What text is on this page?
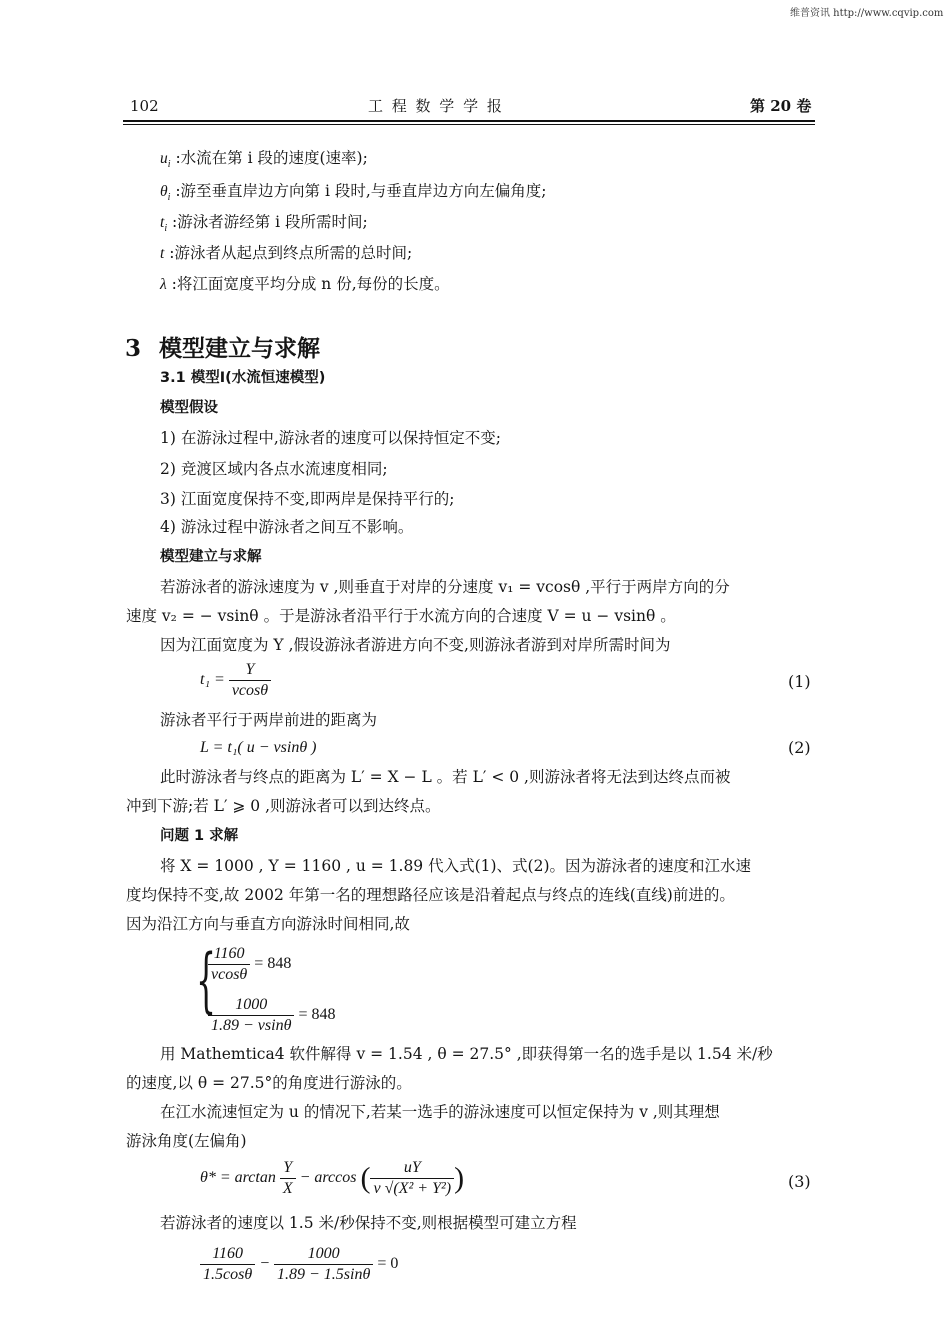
维普资讯 http://www.cqvip.com
102	工 程 数 学 学 报	第 20 卷
$u_i$ :水流在第 i 段的速度(速率);
$\theta_i$ :游至垂直岸边方向第 i 段时,与垂直岸边方向左偏角度;
$t_i$ :游泳者游经第 i 段所需时间;
t :游泳者从起点到终点所需的总时间;
λ :将江面宽度平均分成 n 份,每份的长度。
3 模型建立与求解
3.1 模型Ⅰ(水流恒速模型)
模型假设
1) 在游泳过程中,游泳者的速度可以保持恒定不变;
2) 竞渡区域内各点水流速度相同;
3) 江面宽度保持不变,即两岸是保持平行的;
4) 游泳过程中游泳者之间互不影响。
模型建立与求解
若游泳者的游泳速度为 v ,则垂直于对岸的分速度 v₁ = vcosθ ,平行于两岸方向的分
速度 v₂ = − vsinθ 。于是游泳者沿平行于水流方向的合速度 V = u − vsinθ 。
因为江面宽度为 Y ,假设游泳者游进方向不变,则游泳者游到对岸所需时间为
$t_1 = \frac{Y}{vcos\theta}$	(1)
游泳者平行于两岸前进的距离为
L = t₁( u − vsinθ )	(2)
此时游泳者与终点的距离为 L′ = X − L 。若 L′ < 0 ,则游泳者将无法到达终点而被
冲到下游;若 L′ ⩾ 0 ,则游泳者可以到达终点。
问题 1 求解
将 X = 1000 , Y = 1160 , u = 1.89 代入式(1)、式(2)。因为游泳者的速度和江水速
度均保持不变,故 2002 年第一名的理想路径应该是沿着起点与终点的连线(直线)前进的。
因为沿江方向与垂直方向游泳时间相同,故
{
$\frac{1160}{vcos\theta} = 848$
$\frac{1000}{1.89 - vsin\theta} = 848$
用 Mathemtica4 软件解得 v = 1.54 , θ = 27.5° ,即获得第一名的选手是以 1.54 米/秒
的速度,以 θ = 27.5°的角度进行游泳的。
在江水流速恒定为 u 的情况下,若某一选手的游泳速度可以恒定保持为 v ,则其理想
游泳角度(左偏角)
$\theta* = \arctan \frac{Y}{X} - \arccos$ ( $\frac{uY}{\text{v √(X² + Y²)}}$ )	(3)
若游泳者的速度以 1.5 米/秒保持不变,则根据模型可建立方程
$\frac{1160}{1.5\cos\theta} - \frac{1000}{1.89 - 1.5\sin\theta} = 0$
